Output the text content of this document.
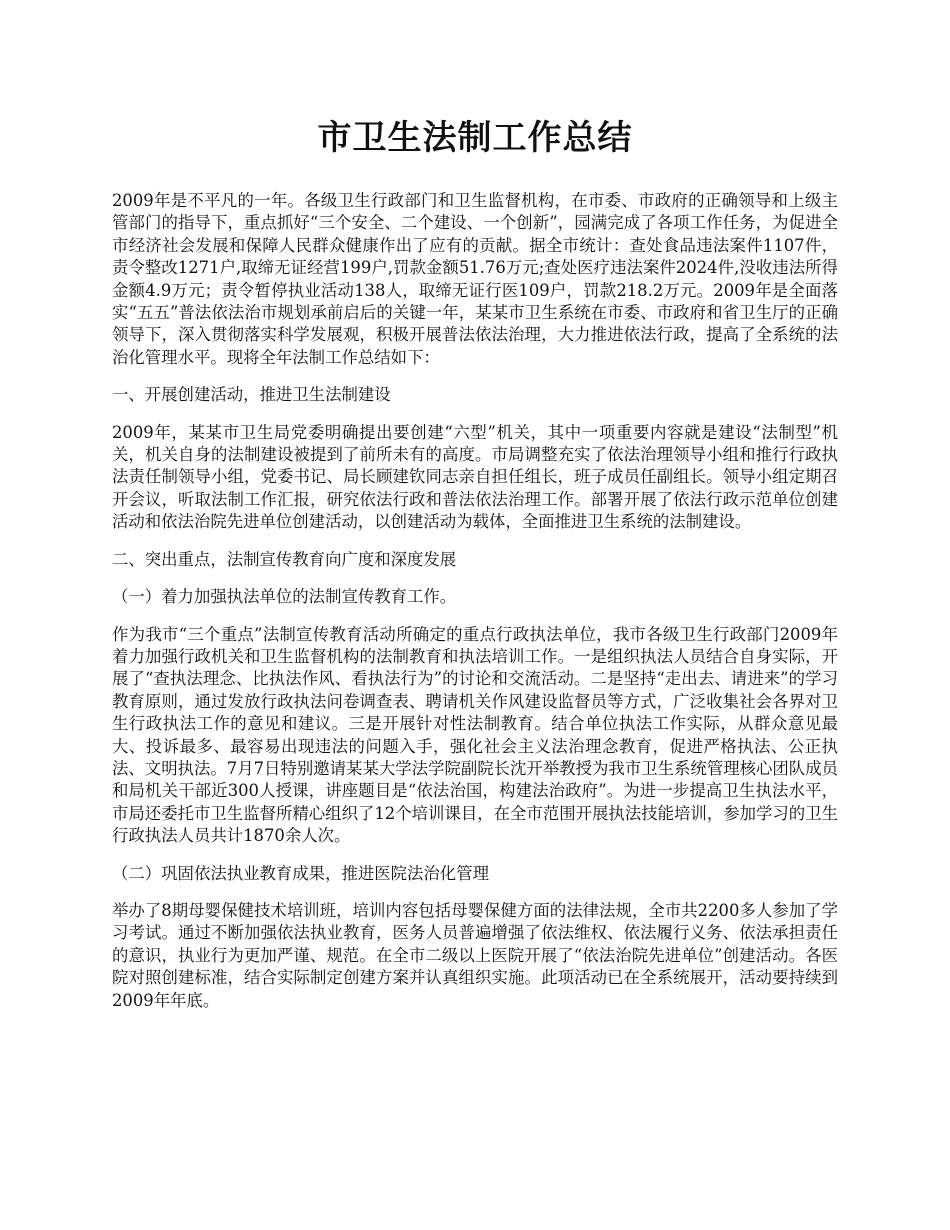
市卫生法制工作总结

2009年是不平凡的一年。各级卫生行政部门和卫生监督机构，在市委、市政府的正确领导和上级主管部门的指导下，重点抓好“三个安全、二个建设、一个创新”，园满完成了各项工作任务，为促进全市经济社会发展和保障人民群众健康作出了应有的贡献。据全市统计：查处食品违法案件1107件，责令整改1271户,取缔无证经营199户,罚款金额51.76万元;查处医疗违法案件2024件,没收违法所得金额4.9万元；责令暂停执业活动138人，取缔无证行医109户，罚款218.2万元。2009年是全面落实“五五”普法依法治市规划承前启后的关键一年，某某市卫生系统在市委、市政府和省卫生厅的正确领导下，深入贯彻落实科学发展观，积极开展普法依法治理，大力推进依法行政，提高了全系统的法治化管理水平。现将全年法制工作总结如下：

一、开展创建活动，推进卫生法制建设

2009年，某某市卫生局党委明确提出要创建“六型”机关，其中一项重要内容就是建设“法制型”机关，机关自身的法制建设被提到了前所未有的高度。市局调整充实了依法治理领导小组和推行行政执法责任制领导小组，党委书记、局长顾建钦同志亲自担任组长，班子成员任副组长。领导小组定期召开会议，听取法制工作汇报，研究依法行政和普法依法治理工作。部署开展了依法行政示范单位创建活动和依法治院先进单位创建活动，以创建活动为载体，全面推进卫生系统的法制建设。

二、突出重点，法制宣传教育向广度和深度发展

（一）着力加强执法单位的法制宣传教育工作。

作为我市“三个重点”法制宣传教育活动所确定的重点行政执法单位，我市各级卫生行政部门2009年着力加强行政机关和卫生监督机构的法制教育和执法培训工作。一是组织执法人员结合自身实际，开展了“查执法理念、比执法作风、看执法行为”的讨论和交流活动。二是坚持“走出去、请进来”的学习教育原则，通过发放行政执法问卷调查表、聘请机关作风建设监督员等方式，广泛收集社会各界对卫生行政执法工作的意见和建议。三是开展针对性法制教育。结合单位执法工作实际，从群众意见最大、投诉最多、最容易出现违法的问题入手，强化社会主义法治理念教育，促进严格执法、公正执法、文明执法。7月7日特别邀请某某大学法学院副院长沈开举教授为我市卫生系统管理核心团队成员和局机关干部近300人授课，讲座题目是“依法治国，构建法治政府”。为进一步提高卫生执法水平，市局还委托市卫生监督所精心组织了12个培训课目，在全市范围开展执法技能培训，参加学习的卫生行政执法人员共计1870余人次。

（二）巩固依法执业教育成果，推进医院法治化管理

举办了8期母婴保健技术培训班，培训内容包括母婴保健方面的法律法规，全市共2200多人参加了学习考试。通过不断加强依法执业教育，医务人员普遍增强了依法维权、依法履行义务、依法承担责任的意识，执业行为更加严谨、规范。在全市二级以上医院开展了“依法治院先进单位”创建活动。各医院对照创建标准，结合实际制定创建方案并认真组织实施。此项活动已在全系统展开，活动要持续到2009年年底。
